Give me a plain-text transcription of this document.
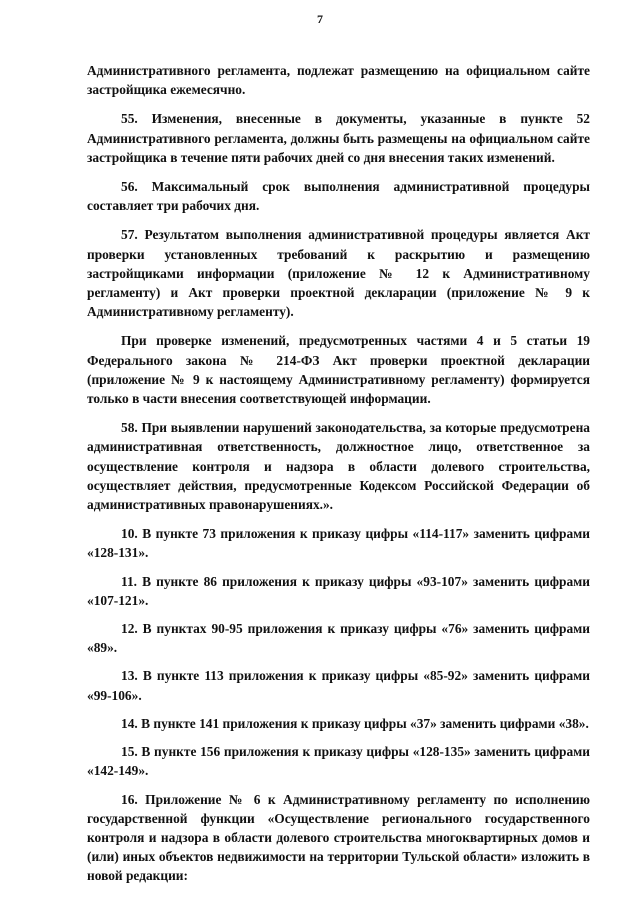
7

Административного регламента, подлежат размещению на официальном сайте застройщика ежемесячно.

55. Изменения, внесенные в документы, указанные в пункте 52 Административного регламента, должны быть размещены на официальном сайте застройщика в течение пяти рабочих дней со дня внесения таких изменений.

56. Максимальный срок выполнения административной процедуры составляет три рабочих дня.

57. Результатом выполнения административной процедуры является Акт проверки установленных требований к раскрытию и размещению застройщиками информации (приложение № 12 к Административному регламенту) и Акт проверки проектной декларации (приложение № 9 к Административному регламенту).

При проверке изменений, предусмотренных частями 4 и 5 статьи 19 Федерального закона № 214-ФЗ Акт проверки проектной декларации (приложение № 9 к настоящему Административному регламенту) формируется только в части внесения соответствующей информации.

58. При выявлении нарушений законодательства, за которые предусмотрена административная ответственность, должностное лицо, ответственное за осуществление контроля и надзора в области долевого строительства, осуществляет действия, предусмотренные Кодексом Российской Федерации об административных правонарушениях.».

10. В пункте 73 приложения к приказу цифры «114-117» заменить цифрами «128-131».

11. В пункте 86 приложения к приказу цифры «93-107» заменить цифрами «107-121».

12. В пунктах 90-95 приложения к приказу цифры «76» заменить цифрами «89».

13. В пункте 113 приложения к приказу цифры «85-92» заменить цифрами «99-106».

14. В пункте 141 приложения к приказу цифры «37» заменить цифрами «38».

15. В пункте 156 приложения к приказу цифры «128-135» заменить цифрами «142-149».

16. Приложение № 6 к Административному регламенту по исполнению государственной функции «Осуществление регионального государственного контроля и надзора в области долевого строительства многоквартирных домов и (или) иных объектов недвижимости на территории Тульской области» изложить в новой редакции:
